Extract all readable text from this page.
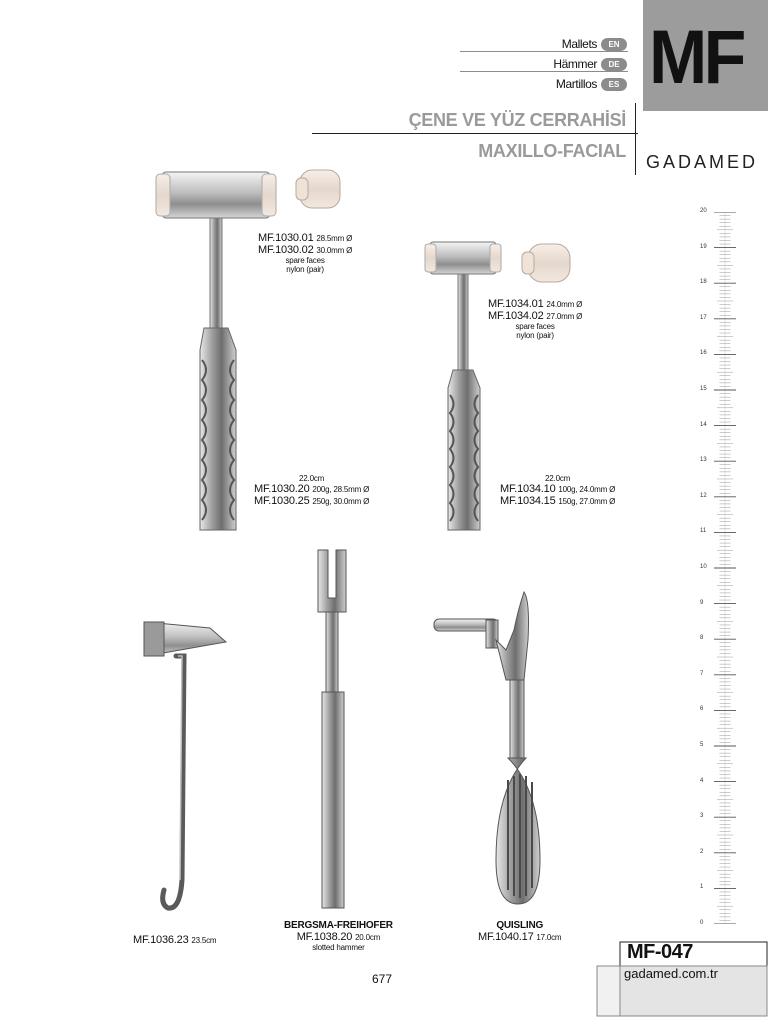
Mallets	EN
Hämmer	DE
Martillos	ES MF
ÇENE VE YÜZ CERRAHİSİ
MAXILLO-FACIAL
GADAMED
MF.1030.01 28.5mm Ø
MF.1030.02 30.0mm Ø
spare faces
nylon (pair)
MF.1034.01 24.0mm Ø
MF.1034.02 27.0mm Ø
spare faces
nylon (pair)
22.0cm
MF.1030.20 200g, 28.5mm Ø
MF.1030.25 250g, 30.0mm Ø
22.0cm
MF.1034.10 100g, 24.0mm Ø
MF.1034.15 150g, 27.0mm Ø
MF.1036.23 23.5cm
BERGSMA-FREIHOFER
MF.1038.20 20.0cm
slotted hammer
QUISLING
MF.1040.17 17.0cm
20
19
18
17
16
15
14
13
12
11
10
9
8
7
6
5
4
3
2
1
0
MF-047
gadamed.com.tr
677
